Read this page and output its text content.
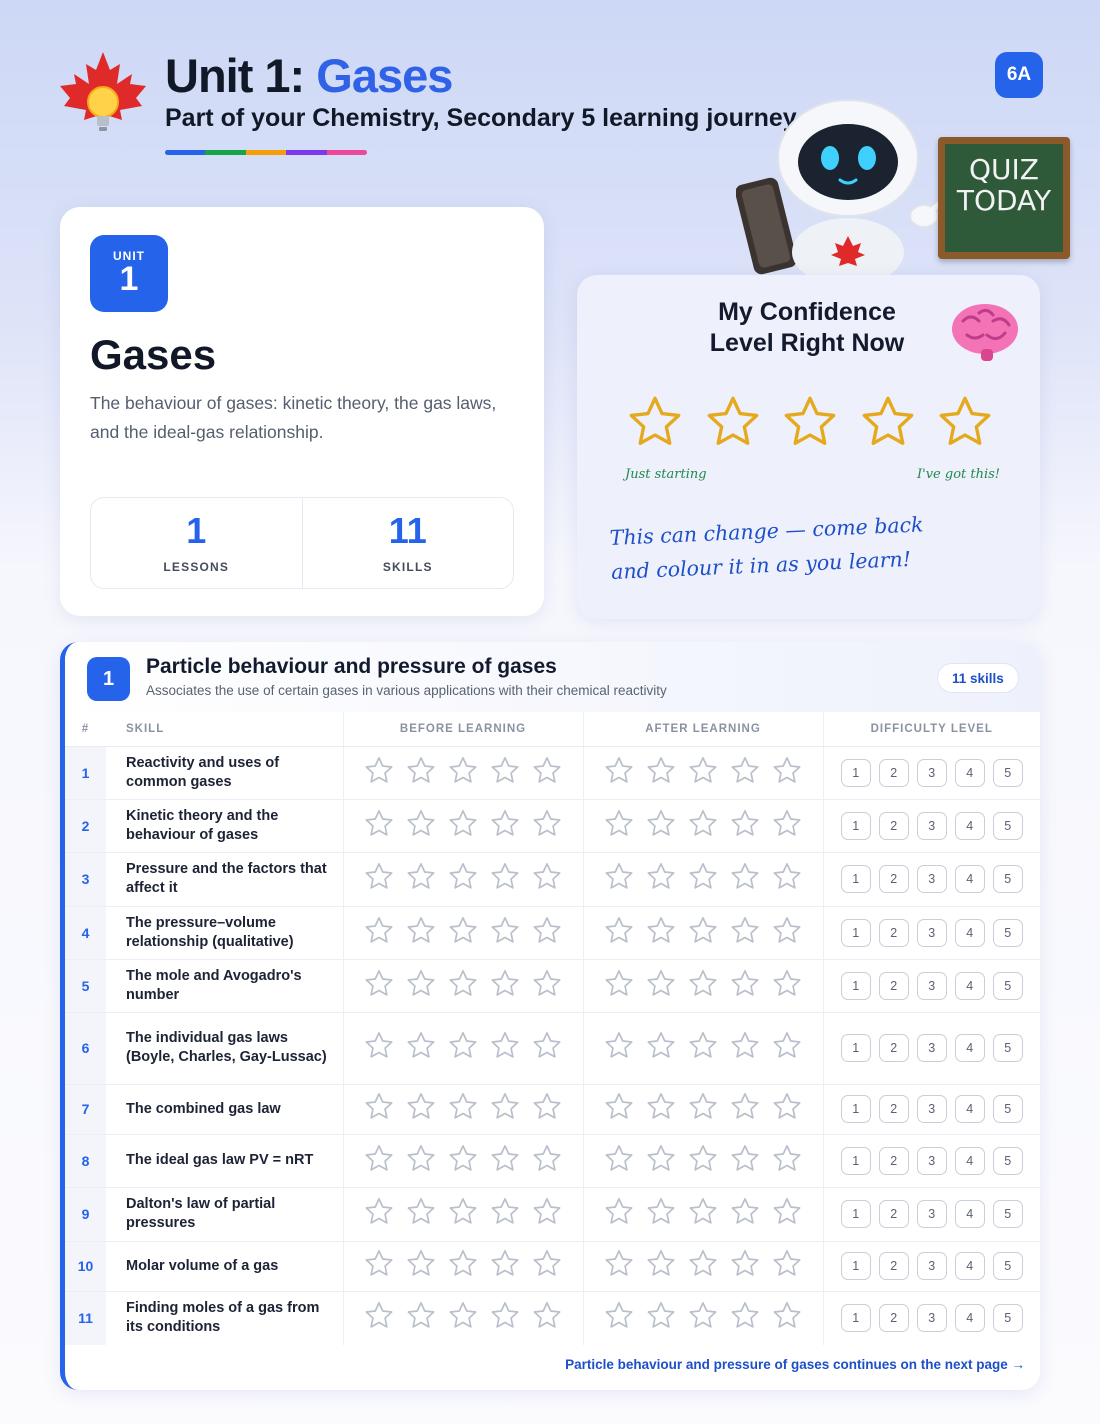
Unit 1: Gases
Part of your Chemistry, Secondary 5 learning journey
6A
QUIZ
TODAY
UNIT
1
Gases
The behaviour of gases: kinetic theory, the gas laws, and the ideal-gas relationship.
1
LESSONS
11
SKILLS
My Confidence
Level Right Now
Just starting	I've got this!
This can change — come back
and colour it in as you learn!
1
Particle behaviour and pressure of gases
Associates the use of certain gases in various applications with their chemical reactivity
11 skills
#	SKILL	BEFORE LEARNING	AFTER LEARNING	DIFFICULTY LEVEL
1	Reactivity and uses of common gases			1 2 3 4 5

2	Kinetic theory and the behaviour of gases			1 2 3 4 5

3	Pressure and the factors that affect it			1 2 3 4 5

4	The pressure–volume relationship (qualitative)			1 2 3 4 5

5	The mole and Avogadro's number			1 2 3 4 5

6	The individual gas laws (Boyle, Charles, Gay-Lussac)			1 2 3 4 5

7	The combined gas law			1 2 3 4 5

8	The ideal gas law PV = nRT			1 2 3 4 5

9	Dalton's law of partial pressures			1 2 3 4 5

10	Molar volume of a gas			1 2 3 4 5

11	Finding moles of a gas from its conditions			1 2 3 4 5
Particle behaviour and pressure of gases continues on the next page →
